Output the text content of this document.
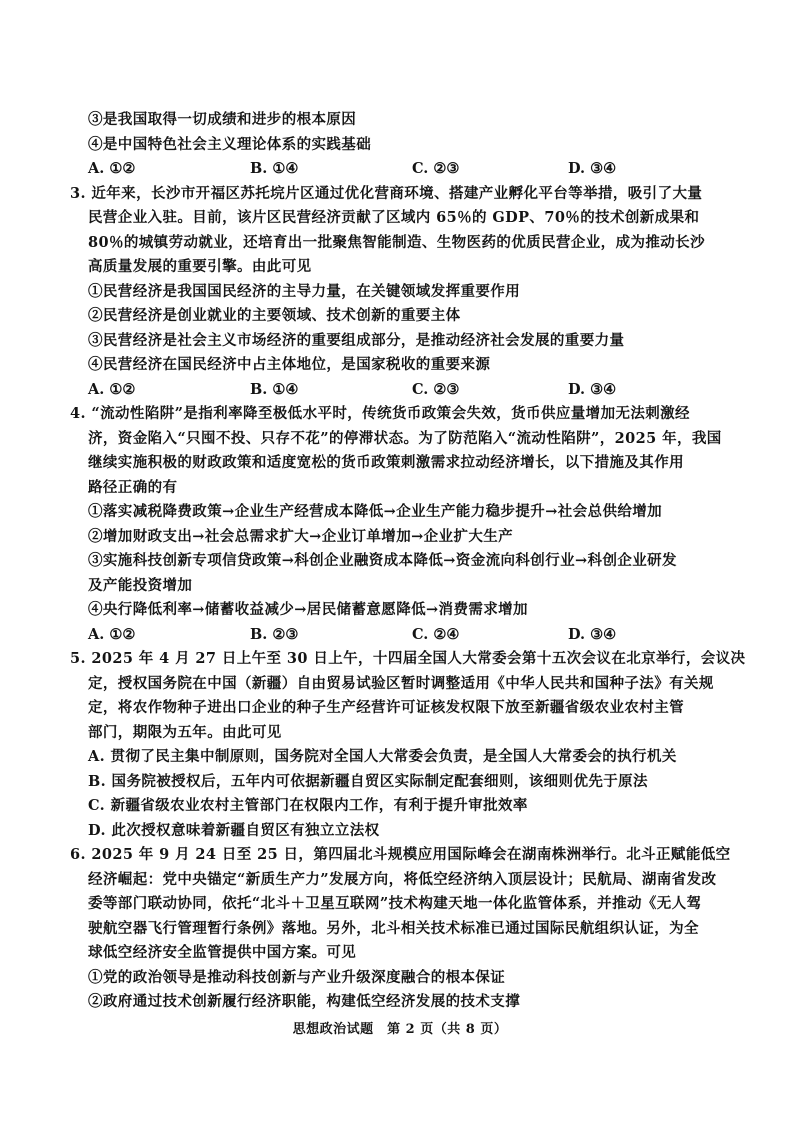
③是我国取得一切成绩和进步的根本原因
④是中国特色社会主义理论体系的实践基础
A. ①②	B. ①④	C. ②③	D. ③④
3. 近年来，长沙市开福区苏托垸片区通过优化营商环境、搭建产业孵化平台等举措，吸引了大量
民营企业入驻。目前，该片区民营经济贡献了区域内 65％的 GDP、70％的技术创新成果和
80％的城镇劳动就业，还培育出一批聚焦智能制造、生物医药的优质民营企业，成为推动长沙
高质量发展的重要引擎。由此可见
①民营经济是我国国民经济的主导力量，在关键领域发挥重要作用
②民营经济是创业就业的主要领域、技术创新的重要主体
③民营经济是社会主义市场经济的重要组成部分，是推动经济社会发展的重要力量
④民营经济在国民经济中占主体地位，是国家税收的重要来源
A. ①②	B. ①④	C. ②③	D. ③④
4. “流动性陷阱”是指利率降至极低水平时，传统货币政策会失效，货币供应量增加无法刺激经
济，资金陷入“只囤不投、只存不花”的停滞状态。为了防范陷入“流动性陷阱”，2025 年，我国
继续实施积极的财政政策和适度宽松的货币政策刺激需求拉动经济增长，以下措施及其作用
路径正确的有
①落实减税降费政策→企业生产经营成本降低→企业生产能力稳步提升→社会总供给增加
②增加财政支出→社会总需求扩大→企业订单增加→企业扩大生产
③实施科技创新专项信贷政策→科创企业融资成本降低→资金流向科创行业→科创企业研发
及产能投资增加
④央行降低利率→储蓄收益减少→居民储蓄意愿降低→消费需求增加
A. ①②	B. ②③	C. ②④	D. ③④
5. 2025 年 4 月 27 日上午至 30 日上午，十四届全国人大常委会第十五次会议在北京举行，会议决
定，授权国务院在中国（新疆）自由贸易试验区暂时调整适用《中华人民共和国种子法》有关规
定，将农作物种子进出口企业的种子生产经营许可证核发权限下放至新疆省级农业农村主管
部门，期限为五年。由此可见
A. 贯彻了民主集中制原则，国务院对全国人大常委会负责，是全国人大常委会的执行机关
B. 国务院被授权后，五年内可依据新疆自贸区实际制定配套细则，该细则优先于原法
C. 新疆省级农业农村主管部门在权限内工作，有利于提升审批效率
D. 此次授权意味着新疆自贸区有独立立法权
6. 2025 年 9 月 24 日至 25 日，第四届北斗规模应用国际峰会在湖南株洲举行。北斗正赋能低空
经济崛起：党中央锚定“新质生产力”发展方向，将低空经济纳入顶层设计；民航局、湖南省发改
委等部门联动协同，依托“北斗＋卫星互联网”技术构建天地一体化监管体系，并推动《无人驾
驶航空器飞行管理暂行条例》落地。另外，北斗相关技术标准已通过国际民航组织认证，为全
球低空经济安全监管提供中国方案。可见
①党的政治领导是推动科技创新与产业升级深度融合的根本保证
②政府通过技术创新履行经济职能，构建低空经济发展的技术支撑
思想政治试题　第 2 页（共 8 页）
